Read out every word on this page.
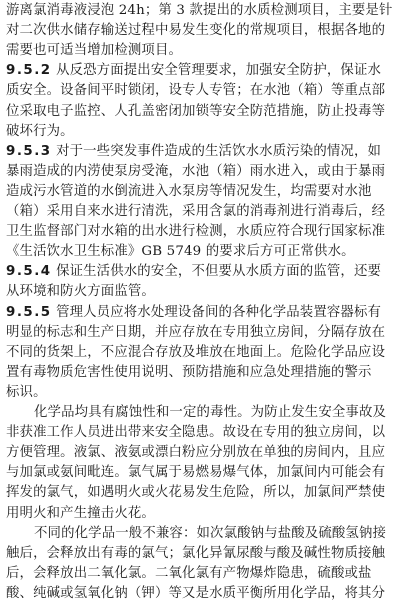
游离氯消毒液浸泡 24h；第 3 款提出的水质检测项目，主要是针
对二次供水储存输送过程中易发生变化的常规项目，根据各地的
需要也可适当增加检测项目。
9.5.2 从反恐方面提出安全管理要求，加强安全防护，保证水
质安全。设备间平时锁闭，设专人专管；在水池（箱）等重点部
位采取电子监控、人孔盖密闭加锁等安全防范措施，防止投毒等
破坏行为。
9.5.3 对于一些突发事件造成的生活饮水水质污染的情况，如
暴雨造成的内涝使泵房受淹，水池（箱）雨水进入，或由于暴雨
造成污水管道的水倒流进入水泵房等情况发生，均需要对水池
（箱）采用自来水进行清洗，采用含氯的消毒剂进行消毒后，经
卫生监督部门对水箱的出水进行检测，水质应符合现行国家标准
《生活饮水卫生标准》GB 5749 的要求后方可正常供水。
9.5.4 保证生活供水的安全，不但要从水质方面的监管，还要
从环境和防火方面监管。
9.5.5 管理人员应将水处理设备间的各种化学品装置容器标有
明显的标志和生产日期，并应存放在专用独立房间，分隔存放在
不同的货架上，不应混合存放及堆放在地面上。危险化学品应设
置有毒物质危害性使用说明、预防措施和应急处理措施的警示
标识。
化学品均具有腐蚀性和一定的毒性。为防止发生安全事故及
非获准工作人员进出带来安全隐患。故设在专用的独立房间，以
方便管理。液氯、液氨或漂白粉应分别放在单独的房间内，且应
与加氯或氨间毗连。氯气属于易燃易爆气体，加氯间内可能会有
挥发的氯气，如遇明火或火花易发生危险，所以，加氯间严禁使
用明火和产生撞击火花。
不同的化学品一般不兼容：如次氯酸钠与盐酸及硫酸氢钠接
触后，会释放出有毒的氯气；氯化异氰尿酸与酸及碱性物质接触
后，会释放出二氧化氯。二氧化氯有产物爆炸隐患，硫酸或盐
酸、纯碱或氢氧化钠（钾）等又是水质平衡所用化学品，将其分
